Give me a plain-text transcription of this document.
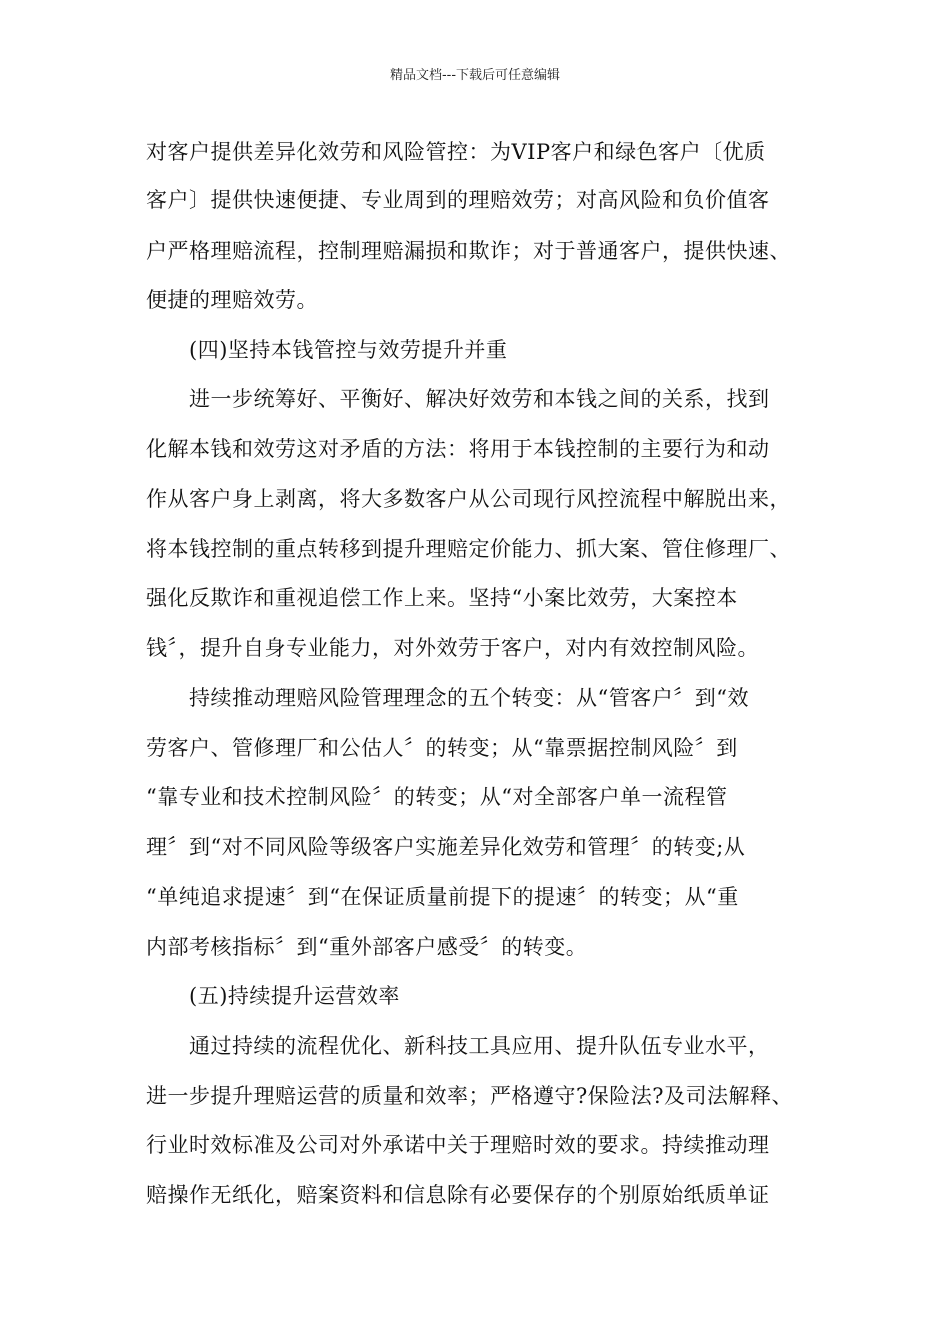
精品文档---下载后可任意编辑
对客户提供差异化效劳和风险管控：为VIP客户和绿色客户〔优质
客户〕提供快速便捷、专业周到的理赔效劳；对高风险和负价值客
户严格理赔流程，控制理赔漏损和欺诈；对于普通客户，提供快速、
便捷的理赔效劳。
(四)坚持本钱管控与效劳提升并重
进一步统筹好、平衡好、解决好效劳和本钱之间的关系，找到
化解本钱和效劳这对矛盾的方法：将用于本钱控制的主要行为和动
作从客户身上剥离，将大多数客户从公司现行风控流程中解脱出来，
将本钱控制的重点转移到提升理赔定价能力、抓大案、管住修理厂、
强化反欺诈和重视追偿工作上来。坚持“小案比效劳，大案控本
钱〞，提升自身专业能力，对外效劳于客户，对内有效控制风险。
持续推动理赔风险管理理念的五个转变：从“管客户〞到“效
劳客户、管修理厂和公估人〞的转变；从“靠票据控制风险〞到
“靠专业和技术控制风险〞的转变；从“对全部客户单一流程管
理〞到“对不同风险等级客户实施差异化效劳和管理〞的转变;从
“单纯追求提速〞到“在保证质量前提下的提速〞的转变；从“重
内部考核指标〞到“重外部客户感受〞的转变。
(五)持续提升运营效率
通过持续的流程优化、新科技工具应用、提升队伍专业水平，
进一步提升理赔运营的质量和效率；严格遵守?保险法?及司法解释、
行业时效标准及公司对外承诺中关于理赔时效的要求。持续推动理
赔操作无纸化，赔案资料和信息除有必要保存的个别原始纸质单证
